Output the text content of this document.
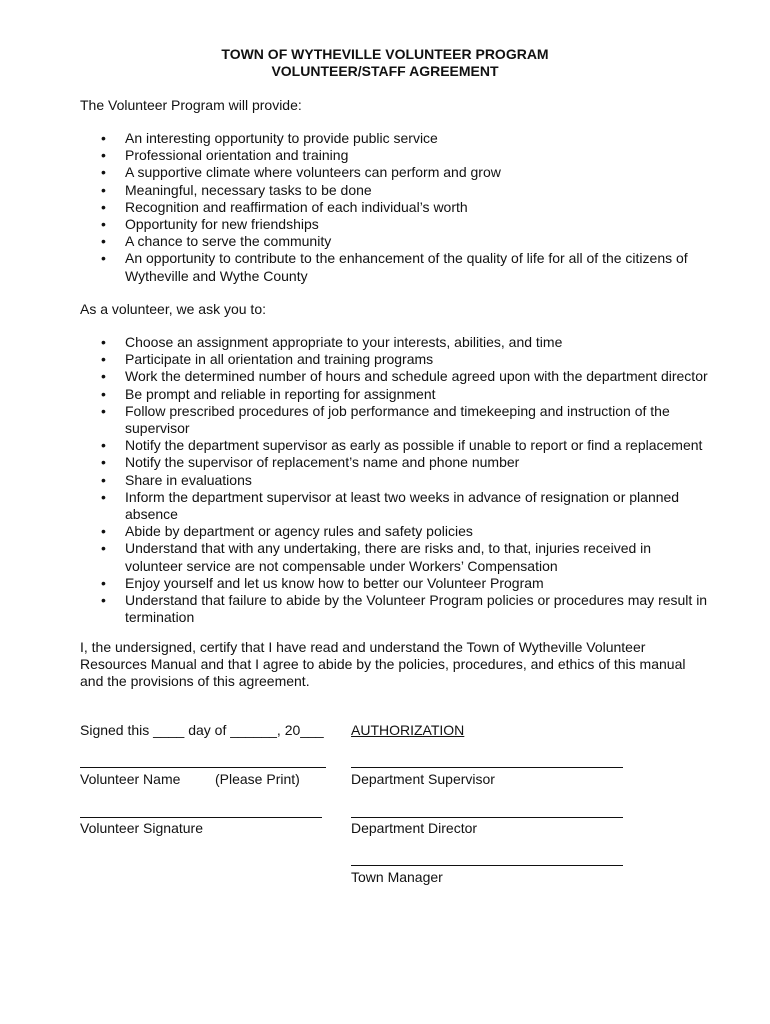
TOWN OF WYTHEVILLE VOLUNTEER PROGRAM
VOLUNTEER/STAFF AGREEMENT

The Volunteer Program will provide:

• An interesting opportunity to provide public service
• Professional orientation and training
• A supportive climate where volunteers can perform and grow
• Meaningful, necessary tasks to be done
• Recognition and reaffirmation of each individual’s worth
• Opportunity for new friendships
• A chance to serve the community
• An opportunity to contribute to the enhancement of the quality of life for all of the citizens of Wytheville and Wythe County

As a volunteer, we ask you to:

• Choose an assignment appropriate to your interests, abilities, and time
• Participate in all orientation and training programs
• Work the determined number of hours and schedule agreed upon with the department director
• Be prompt and reliable in reporting for assignment
• Follow prescribed procedures of job performance and timekeeping and instruction of the supervisor
• Notify the department supervisor as early as possible if unable to report or find a replacement
• Notify the supervisor of replacement’s name and phone number
• Share in evaluations
• Inform the department supervisor at least two weeks in advance of resignation or planned absence
• Abide by department or agency rules and safety policies
• Understand that with any undertaking, there are risks and, to that, injuries received in volunteer service are not compensable under Workers’ Compensation
• Enjoy yourself and let us know how to better our Volunteer Program
• Understand that failure to abide by the Volunteer Program policies or procedures may result in termination

I, the undersigned, certify that I have read and understand the Town of Wytheville Volunteer Resources Manual and that I agree to abide by the policies, procedures, and ethics of this manual and the provisions of this agreement.

Signed this ____ day of ______, 20___ AUTHORIZATION
Volunteer Name (Please Print)	Department Supervisor
Volunteer Signature	Department Director
Town Manager
